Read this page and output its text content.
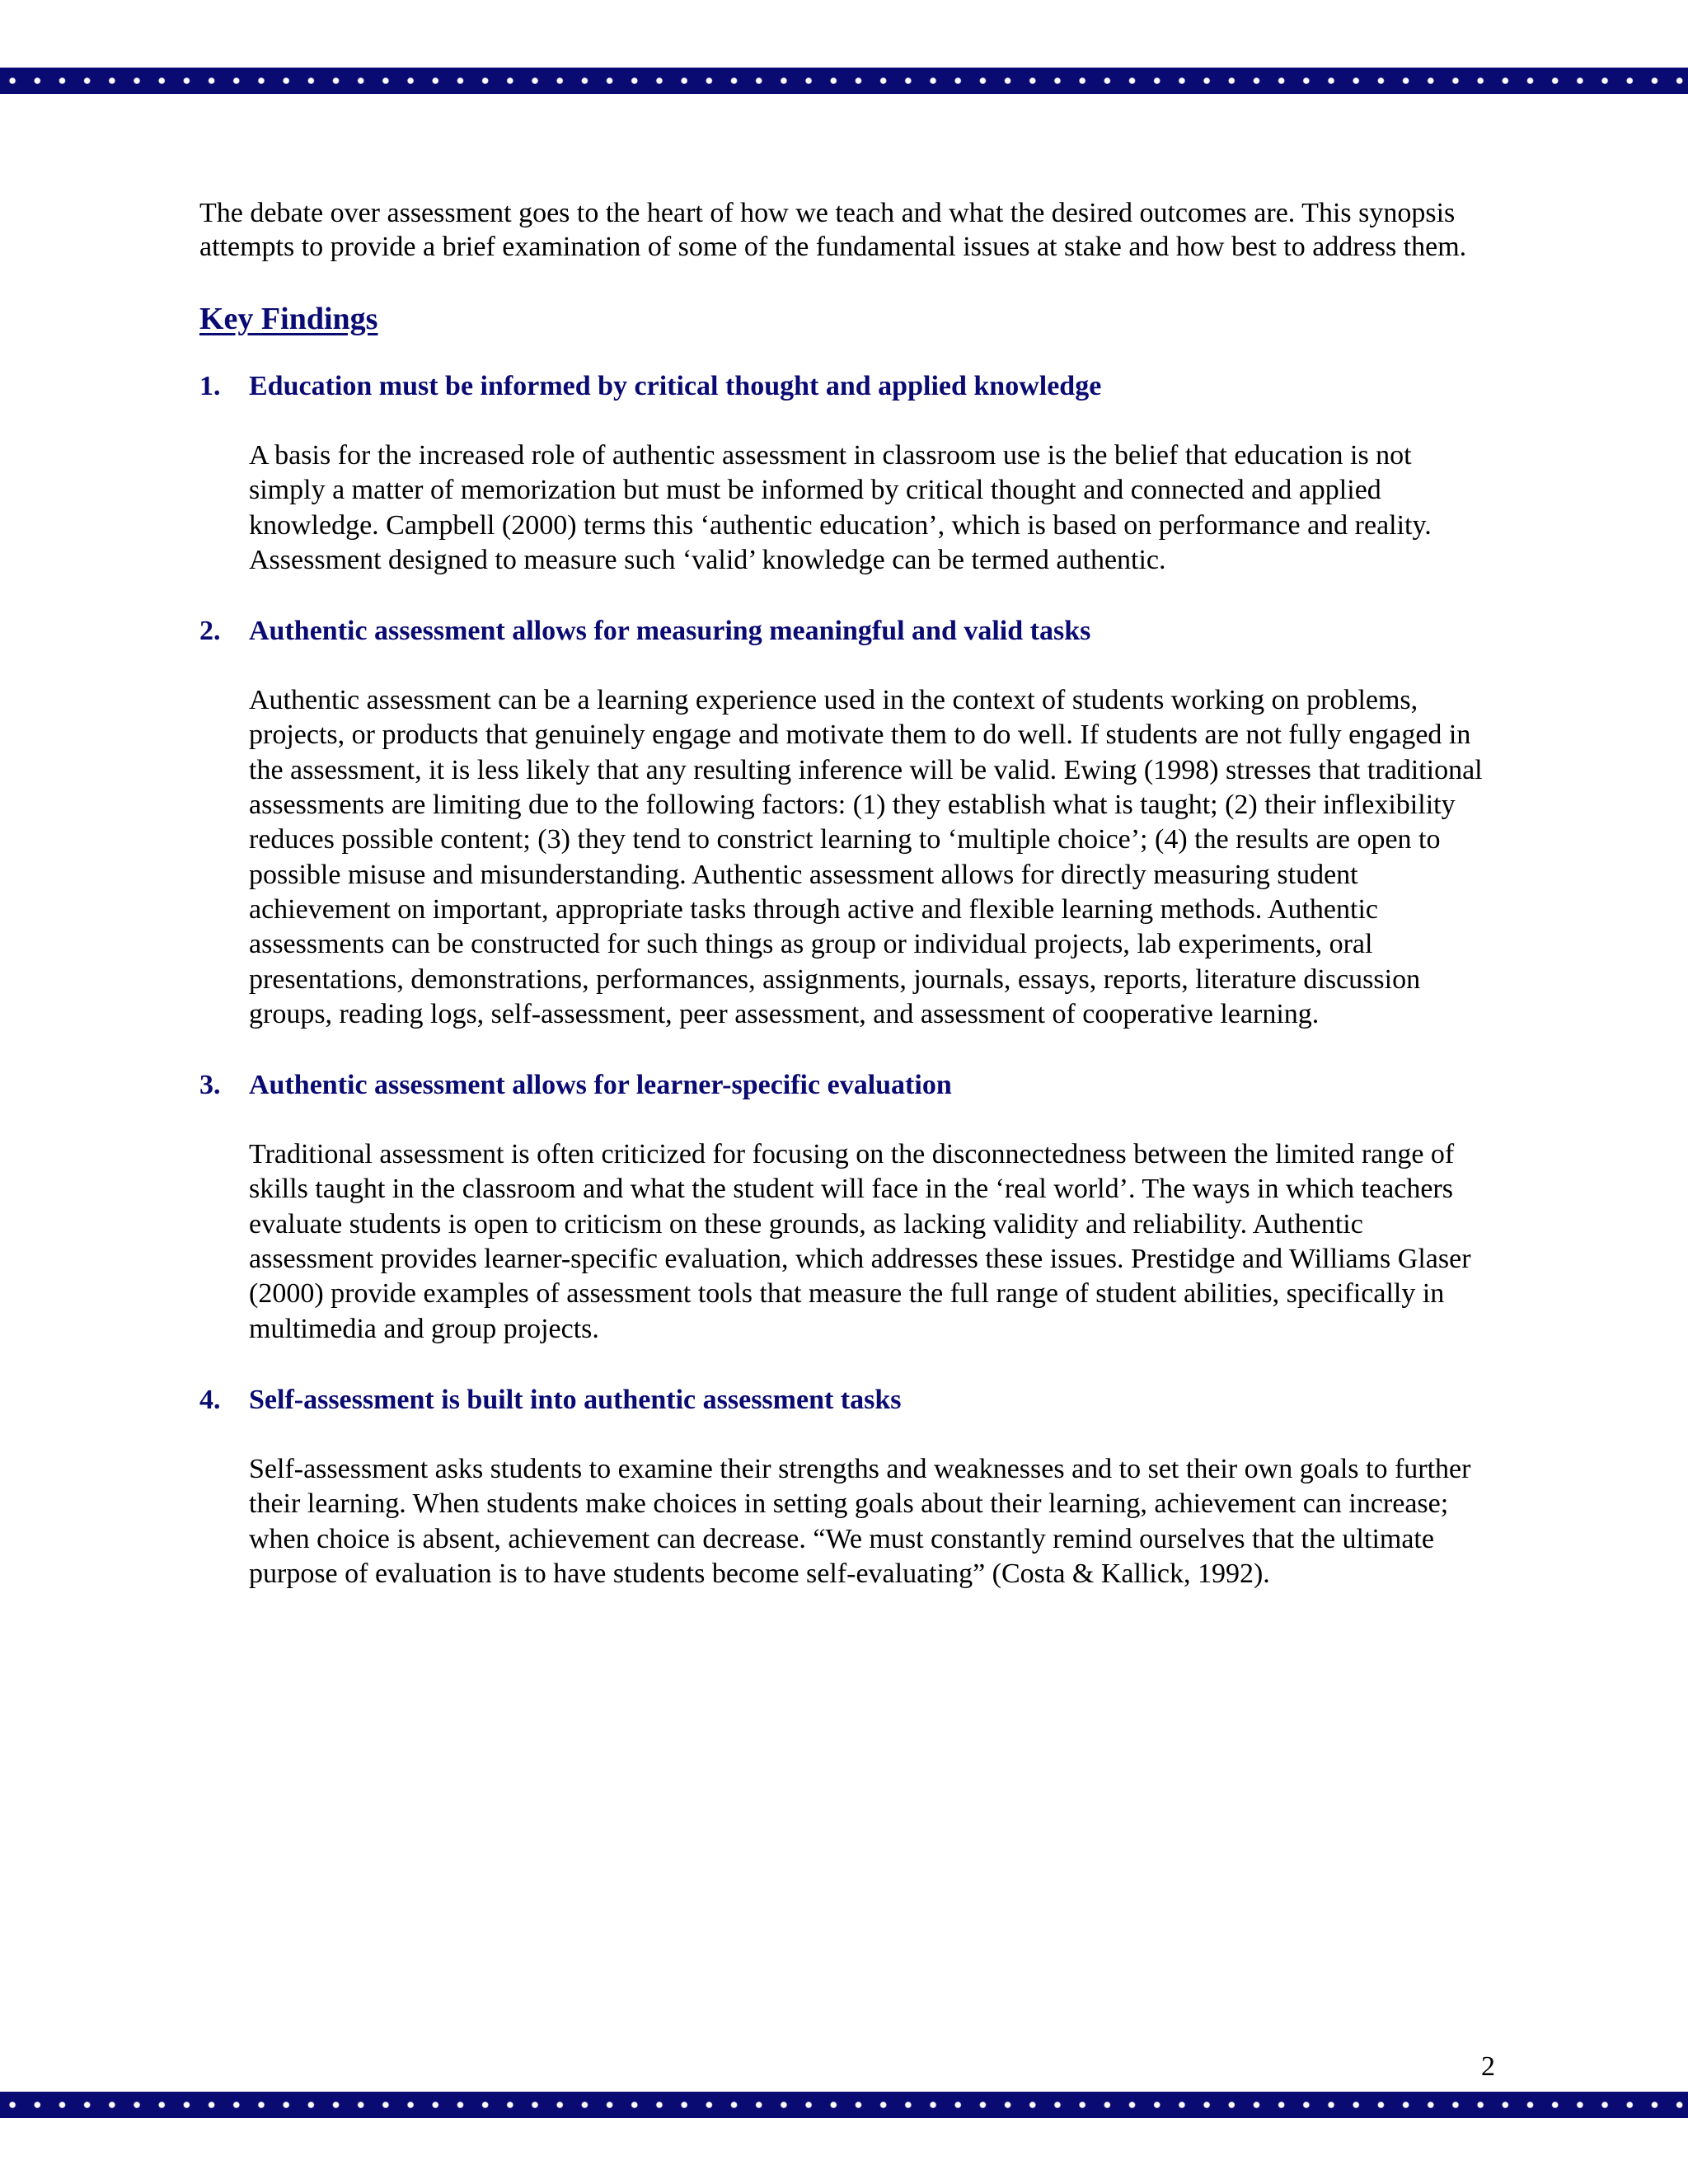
The debate over assessment goes to the heart of how we teach and what the desired outcomes are. This synopsis attempts to provide a brief examination of some of the fundamental issues at stake and how best to address them.

Key Findings
1.	Education must be informed by critical thought and applied knowledge

A basis for the increased role of authentic assessment in classroom use is the belief that education is not simply a matter of memorization but must be informed by critical thought and connected and applied knowledge. Campbell (2000) terms this ‘authentic education’, which is based on performance and reality. Assessment designed to measure such ‘valid’ knowledge can be termed authentic.

2.	Authentic assessment allows for measuring meaningful and valid tasks

Authentic assessment can be a learning experience used in the context of students working on problems, projects, or products that genuinely engage and motivate them to do well. If students are not fully engaged in the assessment, it is less likely that any resulting inference will be valid. Ewing (1998) stresses that traditional assessments are limiting due to the following factors: (1) they establish what is taught; (2) their inflexibility reduces possible content; (3) they tend to constrict learning to ‘multiple choice’; (4) the results are open to possible misuse and misunderstanding. Authentic assessment allows for directly measuring student achievement on important, appropriate tasks through active and flexible learning methods. Authentic assessments can be constructed for such things as group or individual projects, lab experiments, oral presentations, demonstrations, performances, assignments, journals, essays, reports, literature discussion groups, reading logs, self-assessment, peer assessment, and assessment of cooperative learning.

3.	Authentic assessment allows for learner-specific evaluation

Traditional assessment is often criticized for focusing on the disconnectedness between the limited range of skills taught in the classroom and what the student will face in the ‘real world’. The ways in which teachers evaluate students is open to criticism on these grounds, as lacking validity and reliability. Authentic assessment provides learner-specific evaluation, which addresses these issues. Prestidge and Williams Glaser (2000) provide examples of assessment tools that measure the full range of student abilities, specifically in multimedia and group projects.

4.	Self-assessment is built into authentic assessment tasks

Self-assessment asks students to examine their strengths and weaknesses and to set their own goals to further their learning. When students make choices in setting goals about their learning, achievement can increase; when choice is absent, achievement can decrease. “We must constantly remind ourselves that the ultimate purpose of evaluation is to have students become self-evaluating” (Costa & Kallick, 1992).

2
